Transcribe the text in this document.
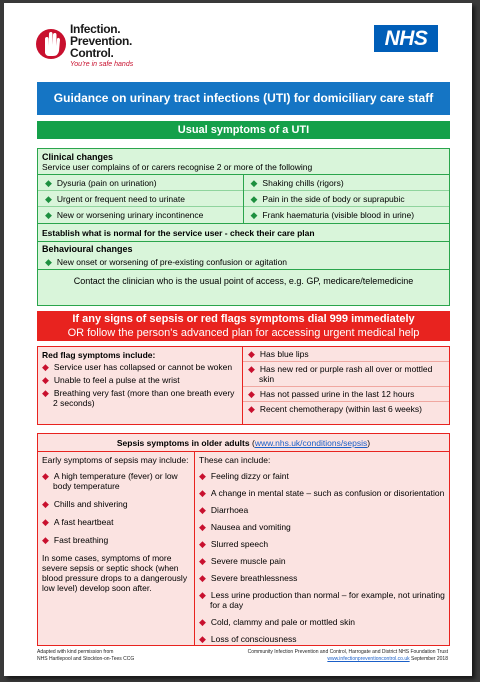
Infection.
Prevention.
Control.
You're in safe hands
NHS
Guidance on urinary tract infections (UTI) for domiciliary care staff
Usual symptoms of a UTI
Clinical changes
Service user complains of or carers recognise 2 or more of the following
◆ Dysuria (pain on urination)
◆ Urgent or frequent need to urinate
◆ New or worsening urinary incontinence
◆ Shaking chills (rigors)
◆ Pain in the side of body or suprapubic
◆ Frank haematuria (visible blood in urine)
Establish what is normal for the service user - check their care plan
Behavioural changes
◆ New onset or worsening of pre-existing confusion or agitation
Contact the clinician who is the usual point of access, e.g. GP, medicare/telemedicine
If any signs of sepsis or red flags symptoms dial 999 immediately
OR follow the person's advanced plan for accessing urgent medical help
Red flag symptoms include:
◆ Service user has collapsed or cannot be woken
◆ Unable to feel a pulse at the wrist
◆ Breathing very fast (more than one breath every 2 seconds)
◆ Has blue lips
◆ Has new red or purple rash all over or mottled skin
◆ Has not passed urine in the last 12 hours
◆ Recent chemotherapy (within last 6 weeks)
Sepsis symptoms in older adults (www.nhs.uk/conditions/sepsis)
Early symptoms of sepsis may include:
◆ A high temperature (fever) or low body temperature
◆ Chills and shivering
◆ A fast heartbeat
◆ Fast breathing
In some cases, symptoms of more severe sepsis or septic shock (when blood pressure drops to a dangerously low level) develop soon after.
These can include:
◆ Feeling dizzy or faint
◆ A change in mental state – such as confusion or disorientation
◆ Diarrhoea
◆ Nausea and vomiting
◆ Slurred speech
◆ Severe muscle pain
◆ Severe breathlessness
◆ Less urine production than normal – for example, not urinating for a day
◆ Cold, clammy and pale or mottled skin
◆ Loss of consciousness
Adapted with kind permission from
NHS Hartlepool and Stockton-on-Tees CCG
Community Infection Prevention and Control, Harrogate and District NHS Foundation Trust
www.infectionpreventioncontrol.co.uk September 2018
